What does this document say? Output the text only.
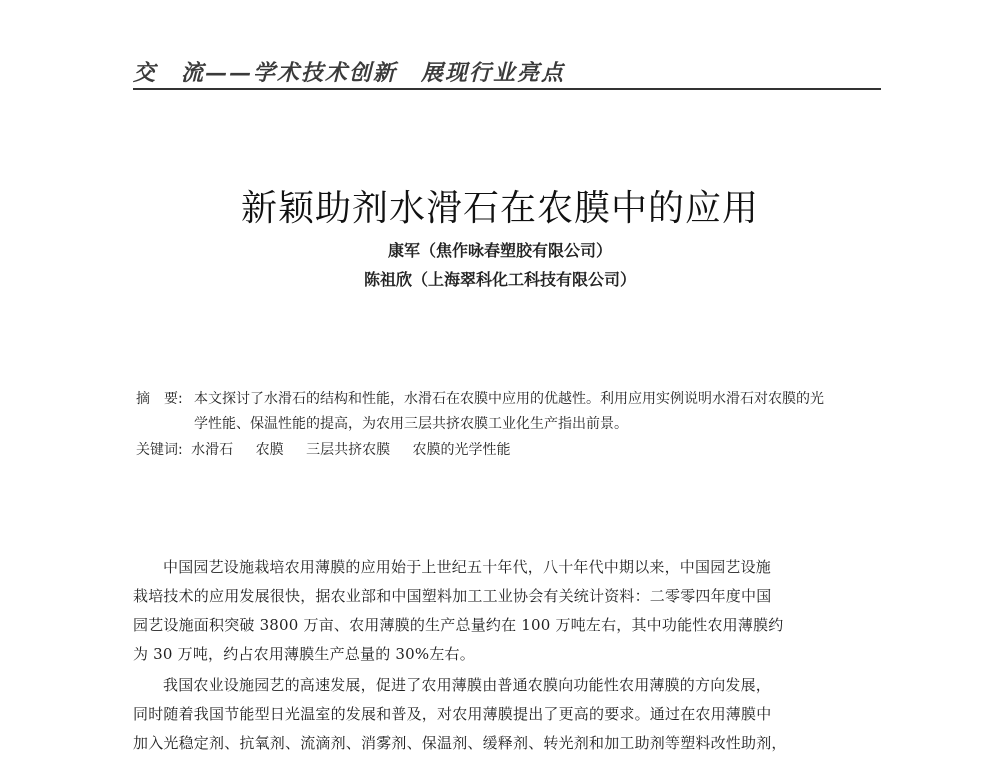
交　流——学术技术创新　展现行业亮点
新颖助剂水滑石在农膜中的应用
康军（焦作咏春塑胶有限公司）
陈祖欣（上海翠科化工科技有限公司）
摘　要: 本文探讨了水滑石的结构和性能，水滑石在农膜中应用的优越性。利用应用实例说明水滑石对农膜的光
学性能、保温性能的提高，为农用三层共挤农膜工业化生产指出前景。
关键词: 水滑石 农膜 三层共挤农膜 农膜的光学性能
中国园艺设施栽培农用薄膜的应用始于上世纪五十年代，八十年代中期以来，中国园艺设施
栽培技术的应用发展很快，据农业部和中国塑料加工工业协会有关统计资料：二零零四年度中国
园艺设施面积突破 3800 万亩、农用薄膜的生产总量约在 100 万吨左右，其中功能性农用薄膜约
为 30 万吨，约占农用薄膜生产总量的 30%左右。
我国农业设施园艺的高速发展，促进了农用薄膜由普通农膜向功能性农用薄膜的方向发展，
同时随着我国节能型日光温室的发展和普及，对农用薄膜提出了更高的要求。通过在农用薄膜中
加入光稳定剂、抗氧剂、流滴剂、消雾剂、保温剂、缓释剂、转光剂和加工助剂等塑料改性助剂，
